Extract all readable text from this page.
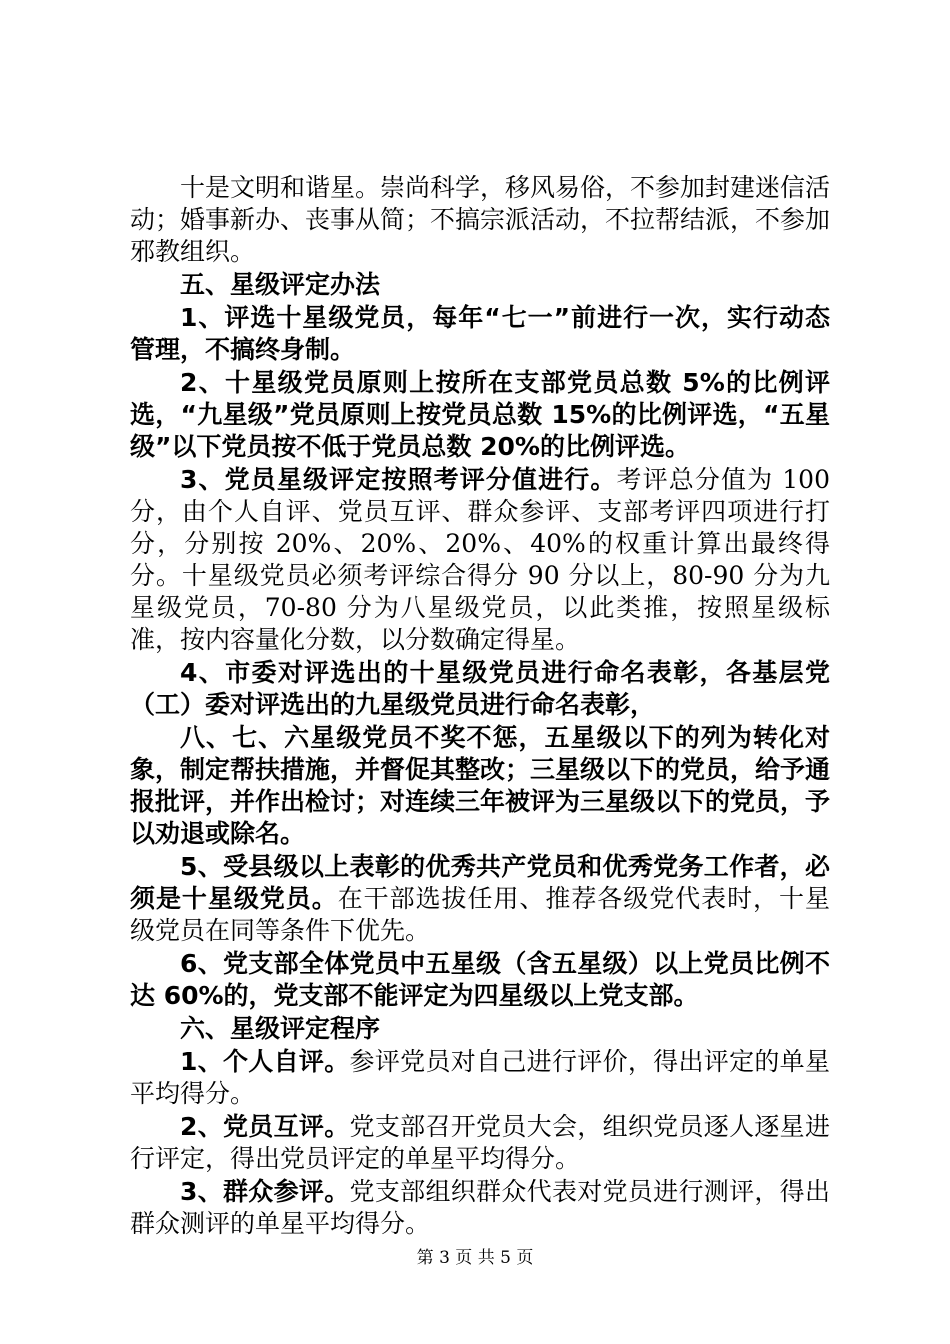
十是文明和谐星。崇尚科学，移风易俗，不参加封建迷信活动；婚事新办、丧事从简；不搞宗派活动，不拉帮结派，不参加邪教组织。

五、星级评定办法

1、评选十星级党员，每年“七一”前进行一次，实行动态管理，不搞终身制。

2、十星级党员原则上按所在支部党员总数 5%的比例评选，“九星级”党员原则上按党员总数 15%的比例评选，“五星级”以下党员按不低于党员总数 20%的比例评选。

3、党员星级评定按照考评分值进行。考评总分值为 100 分，由个人自评、党员互评、群众参评、支部考评四项进行打分，分别按 20%、20%、20%、40%的权重计算出最终得分。十星级党员必须考评综合得分 90 分以上，80-90 分为九星级党员，70-80 分为八星级党员，以此类推，按照星级标准，按内容量化分数，以分数确定得星。

4、市委对评选出的十星级党员进行命名表彰，各基层党（工）委对评选出的九星级党员进行命名表彰，

八、七、六星级党员不奖不惩，五星级以下的列为转化对象，制定帮扶措施，并督促其整改；三星级以下的党员，给予通报批评，并作出检讨；对连续三年被评为三星级以下的党员，予以劝退或除名。

5、受县级以上表彰的优秀共产党员和优秀党务工作者，必须是十星级党员。在干部选拔任用、推荐各级党代表时，十星级党员在同等条件下优先。

6、党支部全体党员中五星级（含五星级）以上党员比例不达 60%的，党支部不能评定为四星级以上党支部。

六、星级评定程序

1、个人自评。参评党员对自己进行评价，得出评定的单星平均得分。

2、党员互评。党支部召开党员大会，组织党员逐人逐星进行评定，得出党员评定的单星平均得分。

3、群众参评。党支部组织群众代表对党员进行测评，得出群众测评的单星平均得分。

第 3 页 共 5 页
